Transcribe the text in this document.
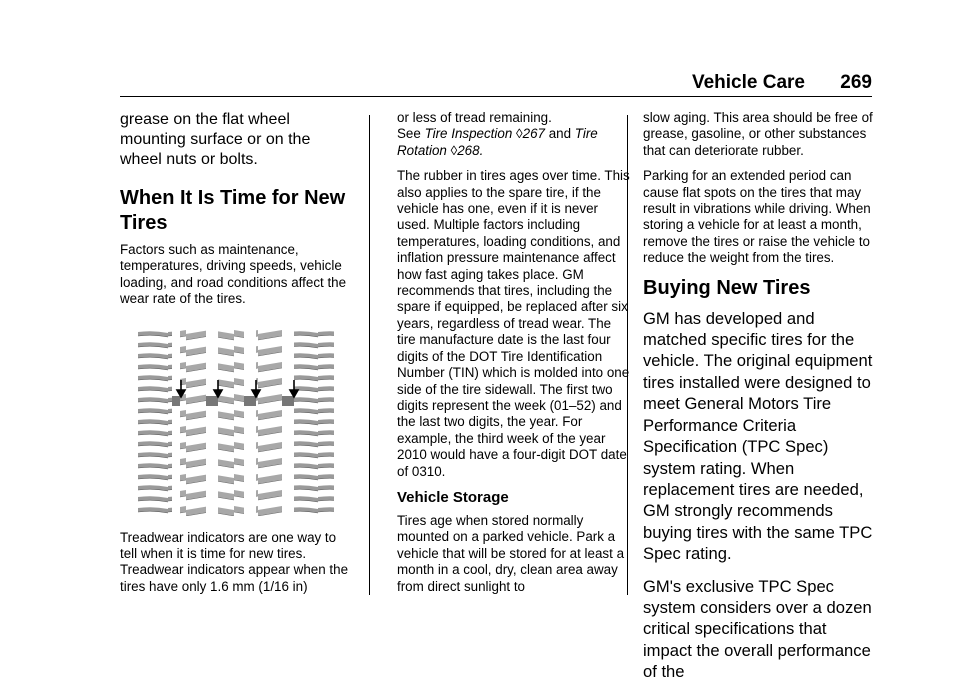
Vehicle Care 269

grease on the flat wheel mounting surface or on the wheel nuts or bolts.

When It Is Time for New Tires

Factors such as maintenance, temperatures, driving speeds, vehicle loading, and road conditions affect the wear rate of the tires.

Treadwear indicators are one way to tell when it is time for new tires. Treadwear indicators appear when the tires have only 1.6 mm (1/16 in)

or less of tread remaining.
See Tire Inspection ◊267 and Tire Rotation ◊268.

The rubber in tires ages over time. This also applies to the spare tire, if the vehicle has one, even if it is never used. Multiple factors including temperatures, loading conditions, and inflation pressure maintenance affect how fast aging takes place. GM recommends that tires, including the spare if equipped, be replaced after six years, regardless of tread wear. The tire manufacture date is the last four digits of the DOT Tire Identification Number (TIN) which is molded into one side of the tire sidewall. The first two digits represent the week (01–52) and the last two digits, the year. For example, the third week of the year 2010 would have a four-digit DOT date of 0310.

Vehicle Storage

Tires age when stored normally mounted on a parked vehicle. Park a vehicle that will be stored for at least a month in a cool, dry, clean area away from direct sunlight to

slow aging. This area should be free of grease, gasoline, or other substances that can deteriorate rubber.

Parking for an extended period can cause flat spots on the tires that may result in vibrations while driving. When storing a vehicle for at least a month, remove the tires or raise the vehicle to reduce the weight from the tires.

Buying New Tires

GM has developed and matched specific tires for the vehicle. The original equipment tires installed were designed to meet General Motors Tire Performance Criteria Specification (TPC Spec) system rating. When replacement tires are needed, GM strongly recommends buying tires with the same TPC Spec rating.

GM's exclusive TPC Spec system considers over a dozen critical specifications that impact the overall performance of the
